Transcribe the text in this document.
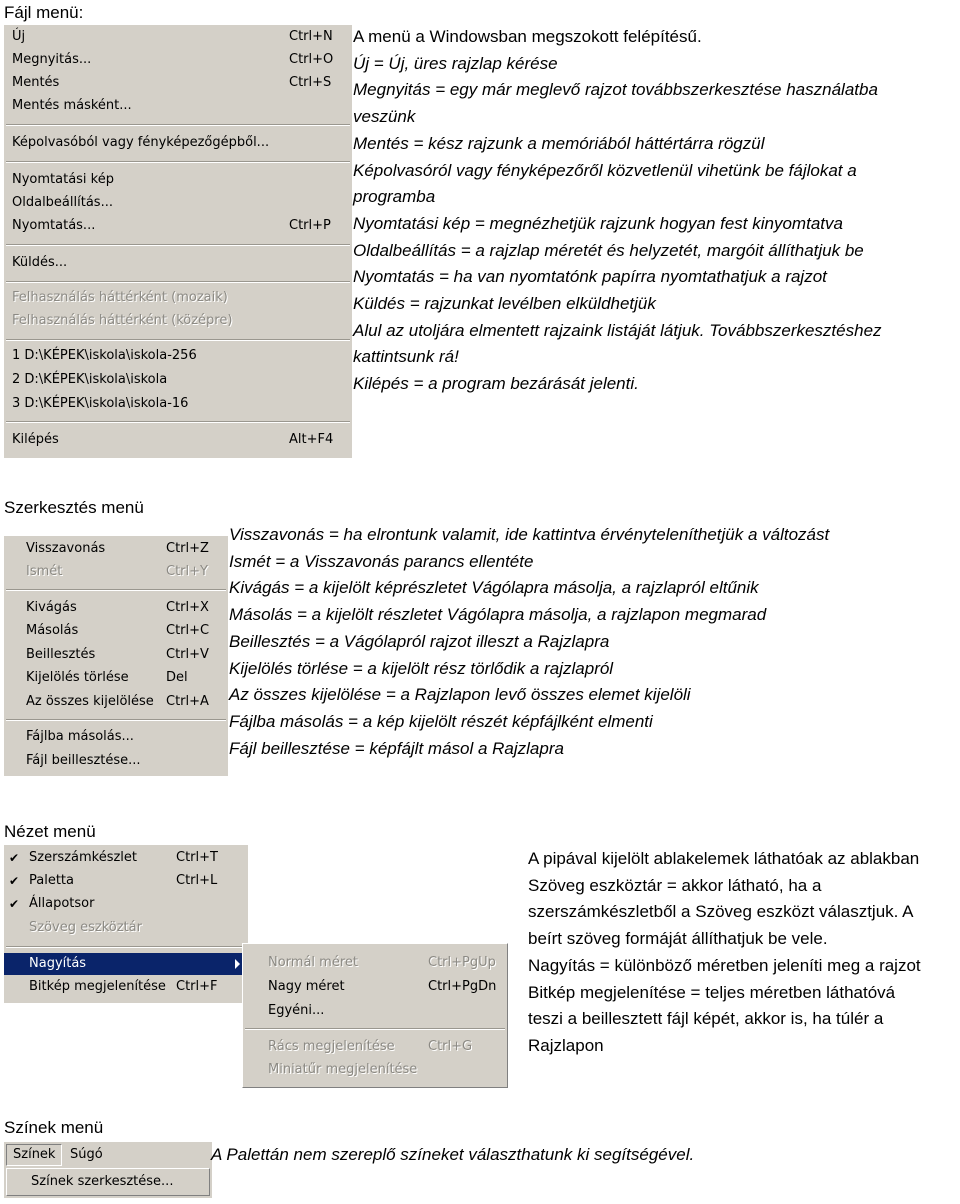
Fájl menü:
Új	Ctrl+N
Megnyitás...	Ctrl+O
Mentés	Ctrl+S
Mentés másként...
Képolvasóból vagy fényképezőgépből...
Nyomtatási kép
Oldalbeállítás...
Nyomtatás...	Ctrl+P
Küldés...
Felhasználás háttérként (mozaik)
Felhasználás háttérként (középre)
1 D:\KÉPEK\iskola\iskola-256
2 D:\KÉPEK\iskola\iskola
3 D:\KÉPEK\iskola\iskola-16
Kilépés	Alt+F4
A menü a Windowsban megszokott felépítésű.
Új = Új, üres rajzlap kérése
Megnyitás = egy már meglevő rajzot továbbszerkesztése használatba
veszünk
Mentés = kész rajzunk a memóriából háttértárra rögzül
Képolvasóról vagy fényképezőről közvetlenül vihetünk be fájlokat a
programba
Nyomtatási kép = megnézhetjük rajzunk hogyan fest kinyomtatva
Oldalbeállítás = a rajzlap méretét és helyzetét, margóit állíthatjuk be
Nyomtatás = ha van nyomtatónk papírra nyomtathatjuk a rajzot
Küldés = rajzunkat levélben elküldhetjük
Alul az utoljára elmentett rajzaink listáját látjuk. Továbbszerkesztéshez
kattintsunk rá!
Kilépés = a program bezárását jelenti.
Szerkesztés menü
Visszavonás	Ctrl+Z
Ismét	Ctrl+Y
Kivágás	Ctrl+X
Másolás	Ctrl+C
Beillesztés	Ctrl+V
Kijelölés törlése	Del
Az összes kijelölése Ctrl+A
Fájlba másolás...
Fájl beillesztése...
Visszavonás = ha elrontunk valamit, ide kattintva érvényteleníthetjük a változást
Ismét = a Visszavonás parancs ellentéte
Kivágás = a kijelölt képrészletet Vágólapra másolja, a rajzlapról eltűnik
Másolás = a kijelölt részletet Vágólapra másolja, a rajzlapon megmarad
Beillesztés = a Vágólapról rajzot illeszt a Rajzlapra
Kijelölés törlése = a kijelölt rész törlődik a rajzlapról
Az összes kijelölése = a Rajzlapon levő összes elemet kijelöli
Fájlba másolás = a kép kijelölt részét képfájlként elmenti
Fájl beillesztése = képfájlt másol a Rajzlapra
Nézet menü
✔ Szerszámkészlet	Ctrl+T
✔ Paletta	Ctrl+L
✔ Állapotsor
Szöveg eszköztár
Nagyítás
Bitkép megjelenítése Ctrl+F
Normál méret	Ctrl+PgUp
Nagy méret	Ctrl+PgDn
Egyéni...
Rács megjelenítése	Ctrl+G
Miniatűr megjelenítése
A pipával kijelölt ablakelemek láthatóak az ablakban
Szöveg eszköztár = akkor látható, ha a
szerszámkészletből a Szöveg eszközt választjuk. A
beírt szöveg formáját állíthatjuk be vele.
Nagyítás = különböző méretben jeleníti meg a rajzot
Bitkép megjelenítése = teljes méretben láthatóvá
teszi a beillesztett fájl képét, akkor is, ha túlér a
Rajzlapon
Színek menü
Színek	Súgó
Színek szerkesztése...
A Palettán nem szereplő színeket választhatunk ki segítségével.
